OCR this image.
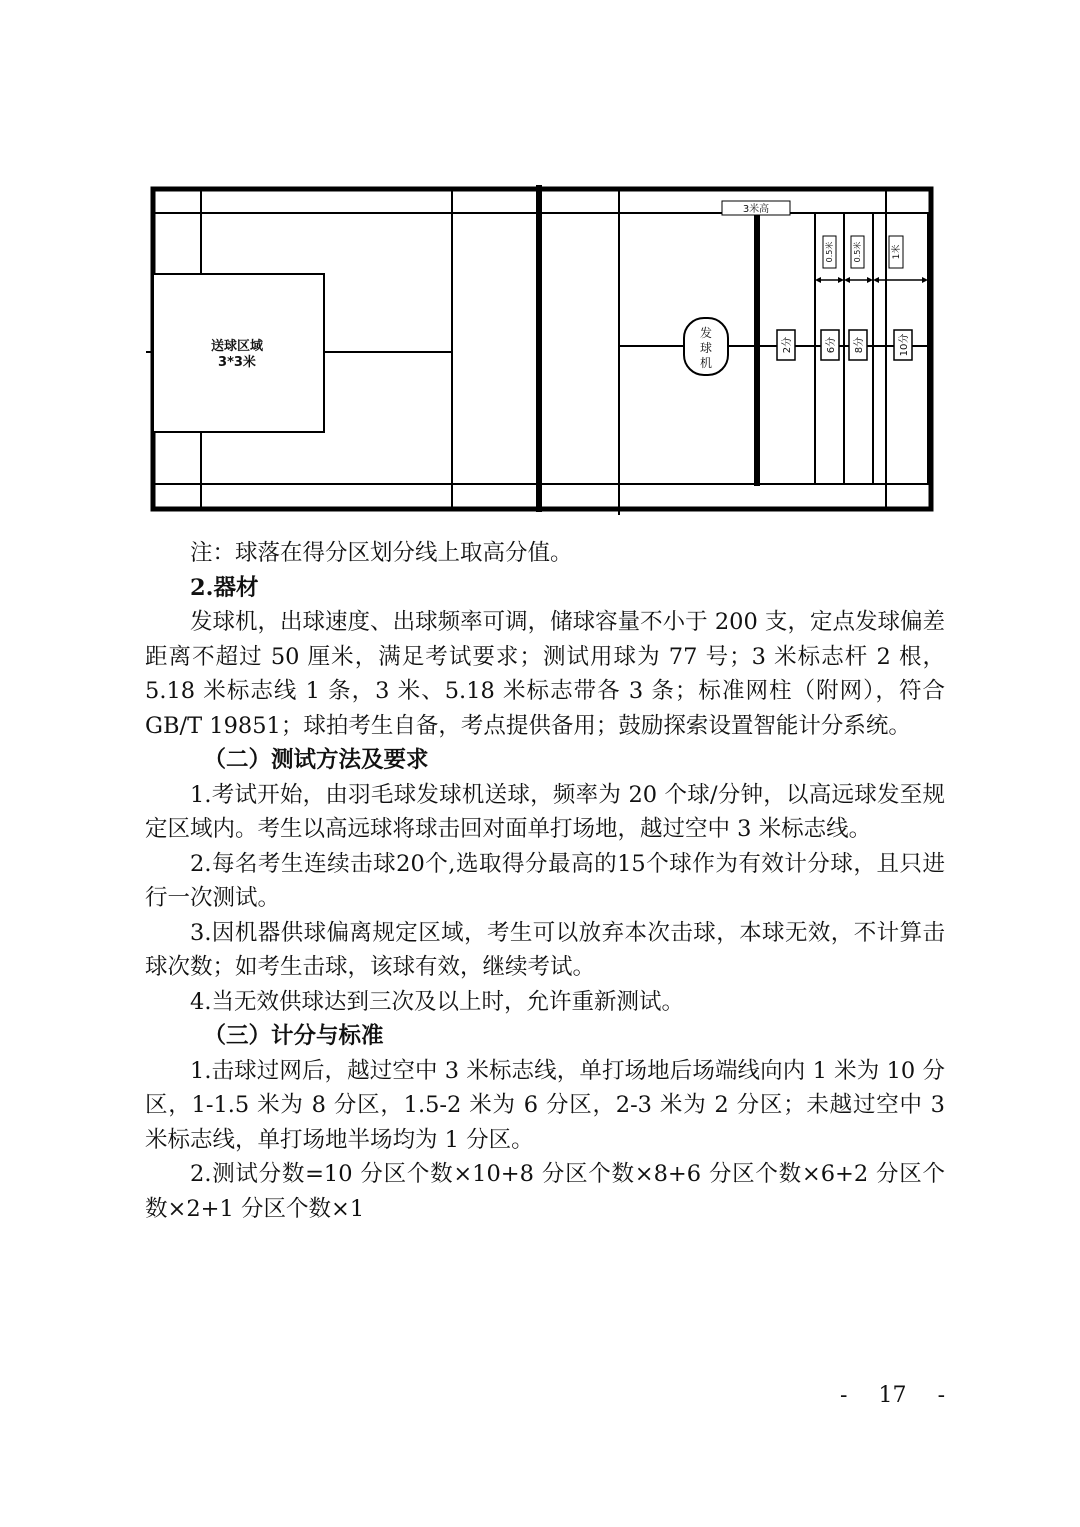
送球区域
3*3米
3米高
0.5米 0.5米	1米
发
球
机
2分	6分 8分	10分

注：球落在得分区划分线上取高分值。

2.器材

发球机，出球速度、出球频率可调，储球容量不小于 200 支，定点发球偏差距离不超过 50 厘米，满足考试要求；测试用球为 77 号；3 米标志杆 2 根，5.18 米标志线 1 条，3 米、5.18 米标志带各 3 条；标准网柱（附网），符合 GB/T 19851；球拍考生自备，考点提供备用；鼓励探索设置智能计分系统。

（二）测试方法及要求

1.考试开始，由羽毛球发球机送球，频率为 20 个球/分钟，以高远球发至规定区域内。考生以高远球将球击回对面单打场地，越过空中 3 米标志线。

2.每名考生连续击球20个,选取得分最高的15个球作为有效计分球，且只进行一次测试。

3.因机器供球偏离规定区域，考生可以放弃本次击球，本球无效，不计算击球次数；如考生击球，该球有效，继续考试。

4.当无效供球达到三次及以上时，允许重新测试。

（三）计分与标准

1.击球过网后，越过空中 3 米标志线，单打场地后场端线向内 1 米为 10 分区，1-1.5 米为 8 分区，1.5-2 米为 6 分区，2-3 米为 2 分区；未越过空中 3 米标志线，单打场地半场均为 1 分区。

2.测试分数=10 分区个数×10+8 分区个数×8+6 分区个数×6+2 分区个数×2+1 分区个数×1

- 17 -
